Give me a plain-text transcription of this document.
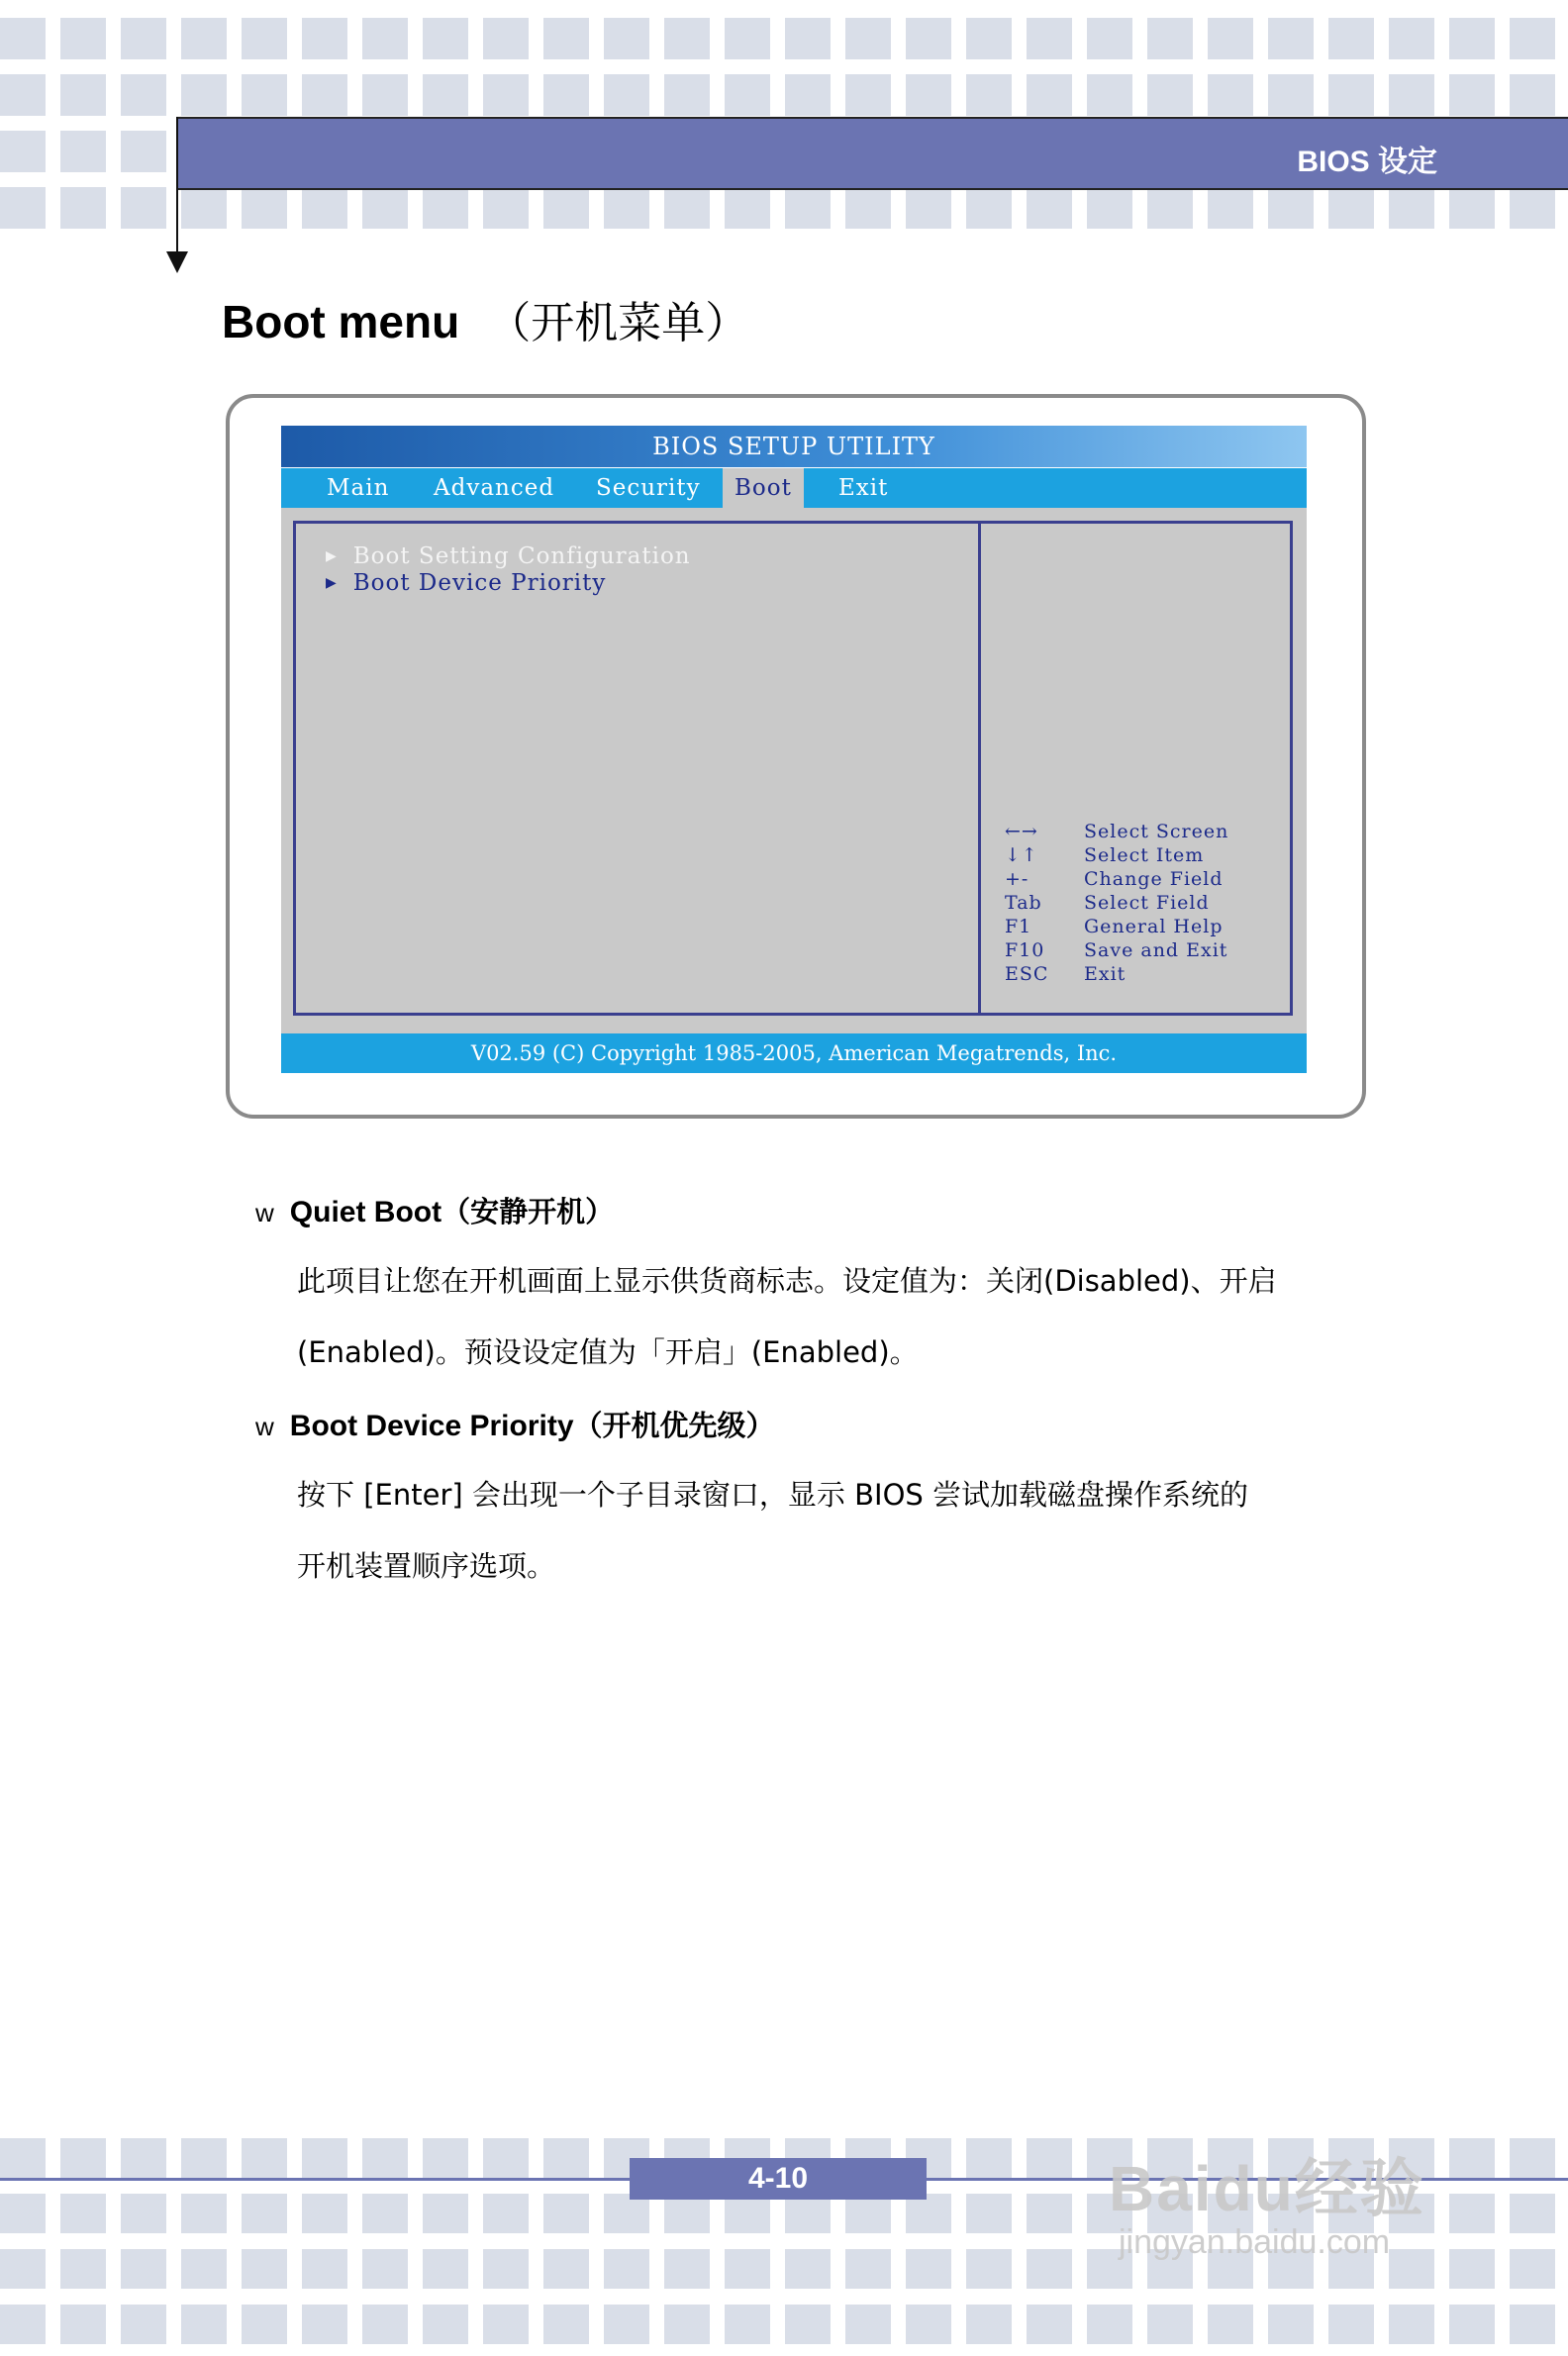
BIOS 设定
Boot menu （开机菜单）
BIOS SETUP UTILITY
Main Advanced Security	Boot	Exit
▶ Boot Setting Configuration
▶ Boot Device Priority
←→ Select Screen
↓↑ Select Item
+-	Change Field
Tab Select Field
F1	General Help
F10 Save and Exit
ESC Exit
V02.59 (C) Copyright 1985-2005, American Megatrends, Inc.
w Quiet Boot（安静开机）
此项目让您在开机画面上显示供货商标志。设定值为：关闭(Disabled)、开启
(Enabled)。预设设定值为「开启」(Enabled)。
w Boot Device Priority（开机优先级）
按下 [Enter] 会出现一个子目录窗口，显示 BIOS 尝试加载磁盘操作系统的
开机装置顺序选项。
4-10	Baidu经验
jingyan.baidu.com
